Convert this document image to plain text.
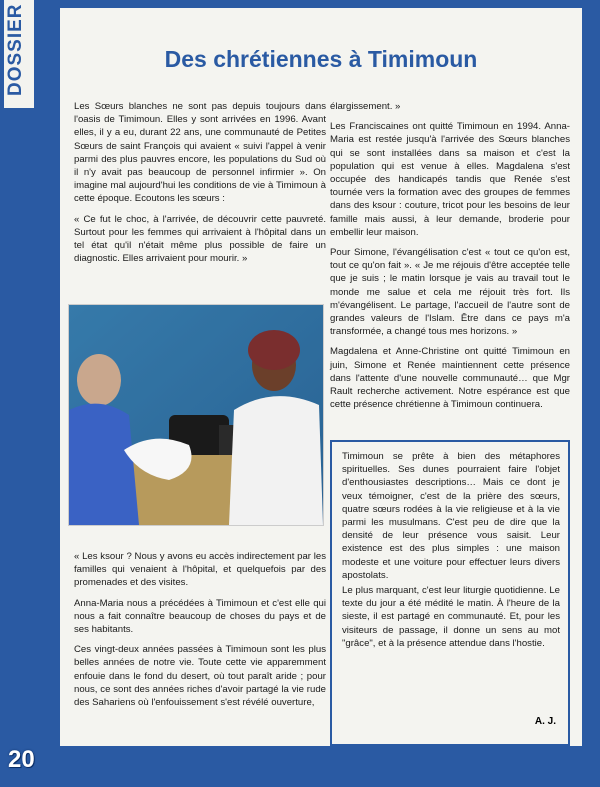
DOSSIER	Des chrétiennes à Timimoun

Les Sœurs blanches ne sont pas depuis toujours dans l'oasis de Timimoun. Elles y sont arrivées en 1996. Avant elles, il y a eu, durant 22 ans, une communauté de Petites Sœurs de saint François qui avaient « suivi l'appel à venir parmi des plus pauvres encore, les populations du Sud où il n'y avait pas beaucoup de personnel infirmier ». On imagine mal aujourd'hui les conditions de vie à Timimoun à cette époque. Ecoutons les sœurs :

« Ce fut le choc, à l'arrivée, de découvrir cette pauvreté. Surtout pour les femmes qui arrivaient à l'hôpital dans un tel état qu'il n'était même plus possible de faire un diagnostic. Elles arrivaient pour mourir. »

« Les ksour ? Nous y avons eu accès indirectement par les familles qui venaient à l'hôpital, et quelquefois par des promenades et des visites.

Anna-Maria nous a précédées à Timimoun et c'est elle qui nous a fait connaître beaucoup de choses du pays et de ses habitants.

Ces vingt-deux années passées à Timimoun sont les plus belles années de notre vie. Toute cette vie apparemment enfouie dans le fond du desert, où tout paraît aride ; pour nous, ce sont des années riches d'avoir partagé la vie rude des Sahariens où l'enfouissement s'est révélé ouverture,

élargissement. »

Les Franciscaines ont quitté Timimoun en 1994. Anna-Maria est restée jusqu'à l'arrivée des Sœurs blanches qui se sont installées dans sa maison et c'est la population qui est venue à elles. Magdalena s'est occupée des handicapés tandis que Renée s'est tournée vers la formation avec des groupes de femmes dans des ksour : couture, tricot pour les besoins de leur famille mais aussi, à leur demande, broderie pour embellir leur maison.

Pour Simone, l'évangélisation c'est « tout ce qu'on est, tout ce qu'on fait ». « Je me réjouis d'être acceptée telle que je suis ; le matin lorsque je vais au travail tout le monde me salue et cela me réjouit très fort. Ils m'évangélisent. Le partage, l'accueil de l'autre sont de grandes valeurs de l'Islam. Être dans ce pays m'a transformée, a changé tous mes horizons. »

Magdalena et Anne-Christine ont quitté Timimoun en juin, Simone et Renée maintiennent cette présence dans l'attente d'une nouvelle communauté… que Mgr Rault recherche activement. Notre espérance est que cette présence chrétienne à Timimoun continuera.

Timimoun se prête à bien des métaphores spirituelles. Ses dunes pourraient faire l'objet d'enthousiastes descriptions… Mais ce dont je veux témoigner, c'est de la prière des sœurs, quatre sœurs rodées à la vie religieuse et à la vie parmi les musulmans. C'est peu de dire que la densité de leur présence vous saisit. Leur existence est des plus simples : une maison modeste et une voiture pour effectuer leurs divers apostolats.

Le plus marquant, c'est leur liturgie quotidienne. Le texte du jour a été médité le matin. À l'heure de la sieste, il est partagé en communauté. Et, pour les visiteurs de passage, il donne un sens au mot "grâce", et à la présence attendue dans l'hostie.

A. J.
20
